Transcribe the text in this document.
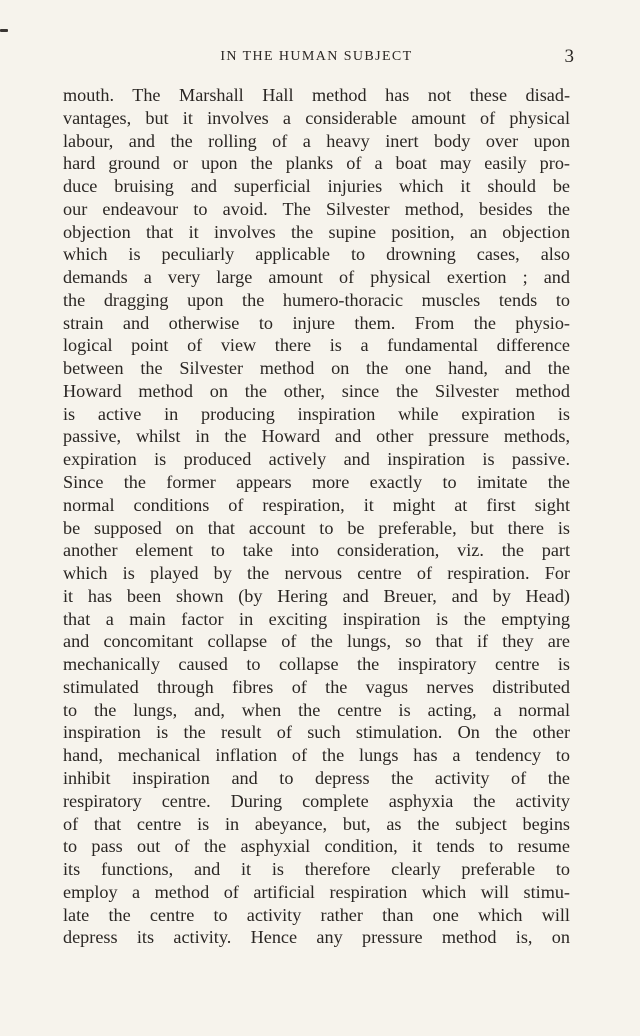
IN THE HUMAN SUBJECT	3
mouth. The Marshall Hall method has not these disad-
vantages, but it involves a considerable amount of physical
labour, and the rolling of a heavy inert body over upon
hard ground or upon the planks of a boat may easily pro-
duce bruising and superficial injuries which it should be
our endeavour to avoid. The Silvester method, besides the
objection that it involves the supine position, an objection
which is peculiarly applicable to drowning cases, also
demands a very large amount of physical exertion ; and
the dragging upon the humero-thoracic muscles tends to
strain and otherwise to injure them. From the physio-
logical point of view there is a fundamental difference
between the Silvester method on the one hand, and the
Howard method on the other, since the Silvester method
is active in producing inspiration while expiration is
passive, whilst in the Howard and other pressure methods,
expiration is produced actively and inspiration is passive.
Since the former appears more exactly to imitate the
normal conditions of respiration, it might at first sight
be supposed on that account to be preferable, but there is
another element to take into consideration, viz. the part
which is played by the nervous centre of respiration. For
it has been shown (by Hering and Breuer, and by Head)
that a main factor in exciting inspiration is the emptying
and concomitant collapse of the lungs, so that if they are
mechanically caused to collapse the inspiratory centre is
stimulated through fibres of the vagus nerves distributed
to the lungs, and, when the centre is acting, a normal
inspiration is the result of such stimulation. On the other
hand, mechanical inflation of the lungs has a tendency to
inhibit inspiration and to depress the activity of the
respiratory centre. During complete asphyxia the activity
of that centre is in abeyance, but, as the subject begins
to pass out of the asphyxial condition, it tends to resume
its functions, and it is therefore clearly preferable to
employ a method of artificial respiration which will stimu-
late the centre to activity rather than one which will
depress its activity. Hence any pressure method is, on
